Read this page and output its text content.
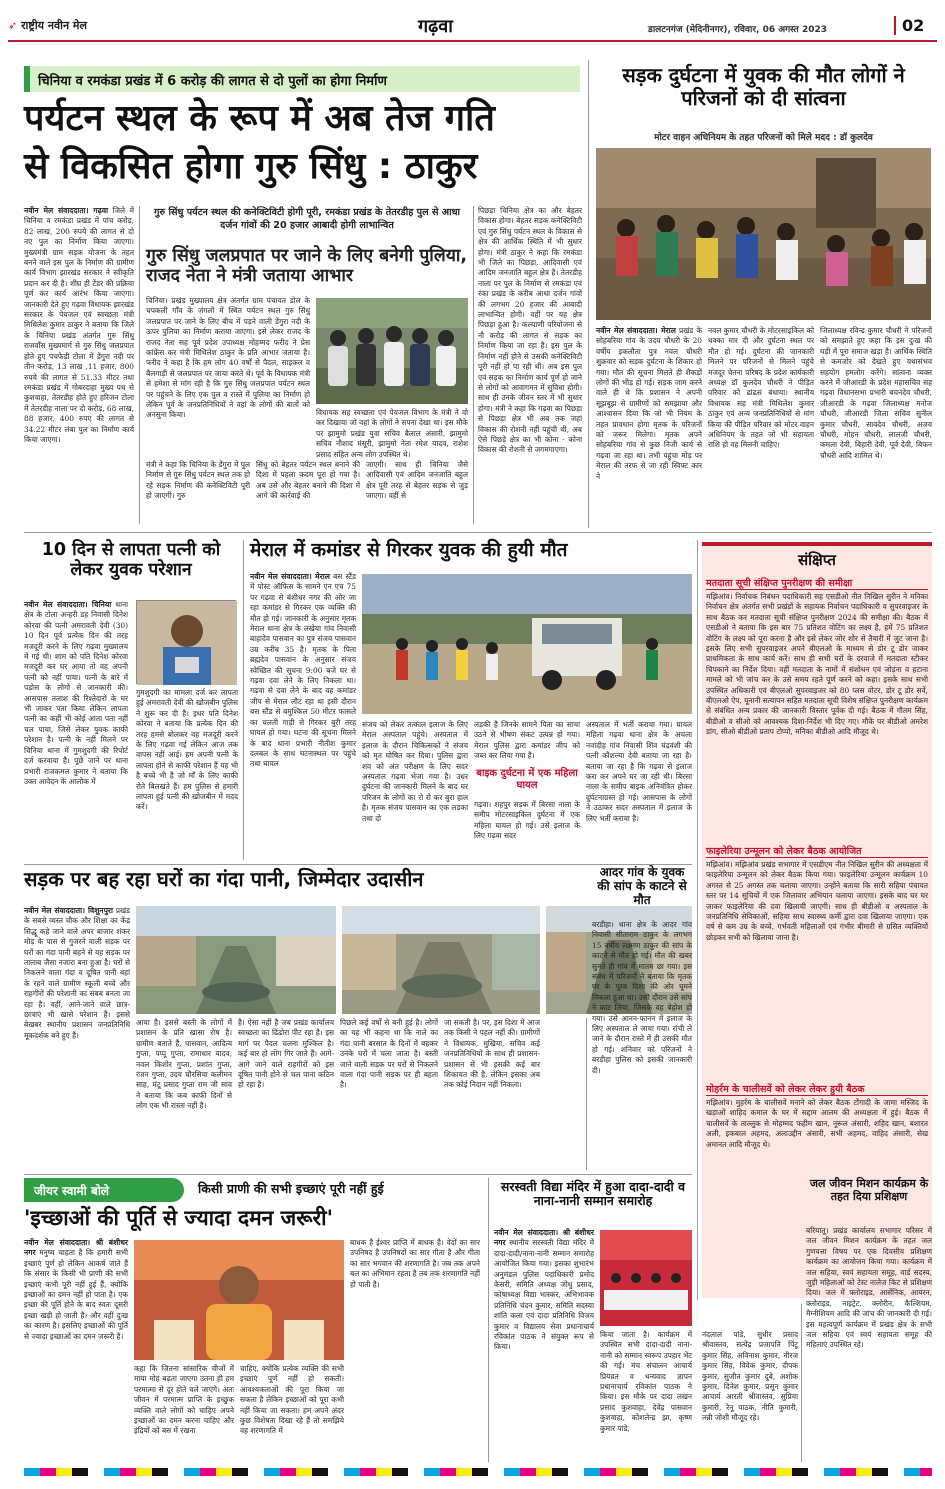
➶ राष्ट्रीय नवीन मेल	गढ़वा	डालटनगंज (मेदिनीनगर), रविवार, 06 अगस्त 2023	02
चिनिया व रमकंडा प्रखंड में 6 करोड़ की लागत से दो पुलों का होगा निर्माण
पर्यटन स्थल के रूप में अब तेज गति
से विकसित होगा गुरु सिंधु : ठाकुर
नवीन मेल संवाददाता। गढ़वा जिले में चिनिया व रमकंडा प्रखंड में पांच करोड़, 82 लाख, 200 रुपये की लागत से दो नए पुल का निर्माण किया जाएगा। मुख्यमंत्री ग्राम सड़क योजना के तहत बनने वाले इस पुल के निर्माण की ग्रामीण कार्य विभाग झारखंड सरकार ने स्वीकृति प्रदान कर दी है। शीघ्र ही टेंडर की प्रक्रिया पूर्ण कर कार्य आरंभ किया जाएगा। जानकारी देते हुए गढ़वा विधायक झारखंड सरकार के पेयजल एवं स्वच्छता मंत्री मिथिलेश कुमार ठाकुर ने बताया कि जिले के चिनिया प्रखंड अंतर्गत गुरु सिंधु राजवाँस मुख्यमार्ग से गुरु सिंधु जलप्रपात होते हुए पचफेड़ी टोला में डेंगुरा नदी पर तीन करोड़, 13 लाख ,11 हजार, 800 रुपये की लागत से 51.33 मीटर तथा रमकंडा प्रखंड में गोबरदाहा मुख्य पथ से कुशवाहा, तेतरडीह होते हुए हरिजन टोला में तेतरडीह नाला पर दो करोड़, 68 लाख, 88 हजार, 400 रुपए की लागत से 34.22 मीटर लंबा पुल का निर्माण कार्य किया जाएगा।
गुरु सिंधु पर्यटन स्थल की कनेक्टिविटी होगी पूरी, रमकंडा प्रखंड के तेतरडीह पुल से आधा दर्जन गांवों की 20 हजार आबादी होगी लाभान्वित
गुरु सिंधु जलप्रपात पर जाने के लिए बनेगी पुलिया, राजद नेता ने मंत्री जताया आभार
चिनिया। प्रखंड मुख्यालय क्षेत्र अंतर्गत ग्राम पंचायत डोल के चपकली गाँव के जंगलों में स्थित पर्यटन स्थल गुरु सिंधु जलप्रपात पर जाने के लिए बीच में पड़ने वाली डेंगुरा नदी के ऊपर पुलिया का निर्माण कराया जाएगा। इसे लेकर राजद के राजद नेता सह पूर्व प्रदेश उपाध्यक्ष मोहम्मद फरीद ने प्रेस कांफ्रेंस कर मंत्री मिथिलेश ठाकुर के प्रति आभार जताया है। फरीद ने कहा है कि हम लोग 40 वर्षों से पैदल, साइकल व बैलगाड़ी से जलप्रपात पर जाया करते थे। पूर्व के विधायक मंत्री से हमेशा से मांग रही है कि गुरु सिंधु जलप्रपात पर्यटन स्थल पर पहुंचने के लिए एक पुल व रास्ते में पुलिया का निर्माण हो लेकिन पूर्व के जनप्रतिनिधियों ने वहां के लोगों की बातों को अनसुना किया।	विधायक सह स्वच्छता एवं पेयजल विभाग के मंत्री ने वो कर दिखाया जो वहां के लोगों ने सपना देखा था। इस मौके पर झामुमो प्रखंड युवा सचिव बैलाल अंसारी, झामुमो सचिव नौशाद मंसूरी, झामुमो नेता रमेश यादव, राशेश प्रसाद सहित अन्य लोग उपस्थित थे।
मंत्री ने कहा कि चिनिया के डेंगुरा में पुल निर्माण से गुरु सिंधु पर्यटन स्थल तक हो रहे सड़क निर्माण की कनेक्टिविटी पूरी हो जाएगी। गुरु
सिंधु को बेहतर पर्यटन स्थल बनाने की दिशा में पहला कदम पूरा हो गया है। अब उसे और बेहतर बनाने की दिशा में आगे की कार्रवाई की
जाएगी। साथ ही चिनिया जैसे आदिवासी एवं आदिम जनजाति बहुल क्षेत्र पूरी तरह से बेहतर सड़क से जुड़ जाएगा। वहीं से
पिछड़ा चिनिया क्षेत्र का और बेहतर विकास होगा। बेहतर सड़क कनेक्टिविटी एवं गुरु सिंधु पर्यटन स्थल के विकास से क्षेत्र की आर्थिक स्थिति में भी सुधार होगा। मंत्री ठाकुर ने कहा कि रमकंडा भी जिले का पिछड़ा, आदिवासी एवं आदिम जनजाति बहुल क्षेत्र है। तेतरडीह नाला पर पुल के निर्माण से रमकंडा एवं रंका प्रखंड के करीब आधा दर्जन गांवों की लगभग 20 हजार की आबादी लाभान्वित होगी। वहीं पर यह क्षेत्र पिछड़ा हुआ है। कल्याणी परियोजना से नौ करोड़ की लागत से सड़क का निर्माण किया जा रहा है। इस पुल के निर्माण नहीं होने से उसकी कनेक्टिविटी पूरी नहीं हो पा रही थी। अब इस पुल एवं सड़क का निर्माण कार्य पूर्ण हो जाने से लोगों को आवागमन में सुविधा होगी। साथ ही उनके जीवन स्तर में भी सुधार होगा। मंत्री ने कहा कि गढ़वा का पिछड़ा से पिछड़ा क्षेत्र भी अब तक जहां विकास की रोशनी नहीं पहुंची थी, अब ऐसे पिछड़े क्षेत्र का भी कोना - कोना विकास की रोशनी से जगमगाएगा।
सड़क दुर्घटना में युवक की मौत लोगों ने परिजनों को दी सांत्वना
मोटर वाहन अधिनियम के तहत परिजनों को मिले मदद : डॉ कुलदेव
नवीन मेल संवाददाता। मेराल प्रखंड के सोहबरिया गांव के उदय चौधरी के 20 वर्षीय इकलौता पुत्र नवल चौधरी शुक्रवार को सड़क दुर्घटना के शिकार हो गया। मौत की सूचना मिलते ही शैकड़ों लोगों की भीड़ हो गई। सड़क जाम करने वाले ही थे कि प्रशासन ने अपनी सूझबूझ से ग्रामीणों को समझाया और आश्वासन दिया कि जो भी नियम के तहत प्रावधान होगा मृतक के परिजनों को जरूर मिलेगा। मृतक अपने सोहबरिया गांव से कुछ निजी कार्य से गढ़वा जा रहा था। तभी पहुंचा मोड़ पर मेराल की तरफ से जा रही स्विफ्ट कार ने
नवल कुमार चौधरी के मोटरसाइकिल को धक्का मार दी और दुर्घटना स्थल पर मौत हो गई। दुर्घटना की जानकारी मिलने पर परिजनों से मिलने पहुंचे मजदूर चेतना परिषद के प्रदेश कार्यकारी अध्यक्ष डॉ कुलदेव चौधरी ने पीड़ित परिवार को ढांढस बंधाया। स्थानीय विधायक सह मंत्री मिथिलेश कुमार ठाकुर एवं अन्य जनप्रतिनिधियों से मांग किया की पीड़ित परिवार को मोटर वाहन अधिनियम के तहत जो भी सहायता राशि हो वह मिलनी चाहिए।
जिलाध्यक्ष रविन्द्र कुमार चौधरी ने परिजनों को समझाते हुए कहा कि इस दुःख की घड़ी में पूरा समाज खड़ा है। आर्थिक स्थिति से कमजोर को देखते हुए यथासंभव सहयोग हमलोग करेंगे। सांत्वना व्यक्त करने में जीआरडी के प्रदेश महासचिव सह गढ़वा विधानसभा प्रभारी बचनदेव चौधरी, जीआरडी के गढ़वा जिलाध्यक्ष मनोज चौधरी, जीआरडी जिला सचिव सुनील कुमार चौधरी, सावदेव चौधरी, अजय चौधरी, मोहन चौधरी, लालजी चौधरी, कमला देवी, बिहारी देवी, पूर्व देवी, बिफन चौधरी आदि शामिल थे।
10 दिन से लापता पत्नी को लेकर युवक परेशान
नवीन मेल संवाददाता। चिनिया थाना क्षेत्र के टोला अन्हरी डह निवासी दिनेश कोरवा की पत्नी अमरावती देवी (30) 10 दिन पूर्व प्रत्येक दिन की तरह मजदूरी करने के लिए गढ़वा मुख्यालय में गई थी। शाम को पति दिनेश कोरवा मजदूरी कर घर आया तो वह अपनी पत्नी को नहीं पाया। पत्नी के बारे में पड़ोस के लोगों से जानकारी की। आसपास तलाश की रिश्तेदारों के घर भी जाकर पता किया लेकिन लापता पत्नी का कहीं भी कोई आता पता नहीं चल पाया, जिसे लेकर युवक काफी परेशान है। पत्नी के नहीं मिलने पर चिनिया थाना में गुमशुदगी की रिपोर्ट दर्ज करवाया है। पूछे जाने पर थाना प्रभारी राजकमल कुमार ने बताया कि उक्त आवेदन के आलोक में
गुमशुदगी का मामला दर्ज कर लापता हुई अमरावती देवी की खोजबीन पुलिस ने शुरू कर दी है। इधर पति दिनेश कोरवा ने बताया कि प्रत्येक दिन की तरह हमसे बोलकर वह मजदूरी करने के लिए गढ़वा गई लेकिन आज तक वापस नहीं आई। हम अपनी पत्नी के लापता होने से काफी परेशान हैं यह भी है बच्चे भी है जो माँ के लिए काफी रोते बिलखते हैं। हम पुलिस से हमारी लापता हुई पत्नी की खोजबीन में मदद करें।
मेराल में कमांडर से गिरकर युवक की हुयी मौत
नवीन मेल संवाददाता। मेराल बस स्टैंड में पोस्ट ऑफिस के सामने एन एच 75 पर गढ़वा से बंशीधर नगर की ओर जा रहा कमांडर से गिरकर एक व्यक्ति की मौत हो गई। जानकारी के अनुसार मृतक मेराल थाना क्षेत्र के लखेया गांव निवासी बाहादेव पासवान का पुत्र संजय पासवान उम्र करीब 35 है। मृतक के पिता ब्रह्मदेव पासवान के अनुसार संजय स्वेच्छित की सूचना 9:00 बजे घर से गढ़वा दवा लेने के लिए निकला था। गढ़वा से दवा लेने के बाद वह कमांडर जीप से मेराल लौट रहा था इसी दौरान बस स्टैंड से बमुश्किल 50 मीटर फासले का चलती गाड़ी से गिरकर बुरी तरह घायल हो गया। घटना की सूचना मिलने के बाद थाना प्रभारी नीतीश कुमार दलबल के साथ घटनास्थल पर पहुंचे तथा घायल
संजय को लेकर तत्काल इलाज के लिए मेराल अस्पताल पहुंचे। अस्पताल में इलाज के दौरान चिकित्सकों ने संजय को मृत घोषित कर दिया। पुलिस द्वारा शव को अंत परीक्षण के लिए सदर अस्पताल गढ़वा भेजा गया है। उधर दुर्घटना की जानकारी मिलने के बाद घर परिजन के लोगों का रो रो कर बुरा हाल है। मृतक संजय पासवान का एक लड़का तथा दो
लड़की है जिनके सामने पिता का साया उठने से भीषण संकट उत्पन्न हो गया। मेराल पुलिस द्वारा कमांडर जीप को जब्त कर लिया गया है।
बाइक दुर्घटना में एक महिला घायल
गढ़वा। शहपुर सड़क में बिरसा नाला के समीप मोटरसाइकिल दुर्घटना में एक महिला घायल हो गई। उसे इलाज के लिए गढ़वा सदर
अस्पताल में भर्ती कराया गया। घायल महिला गढ़वा थाना क्षेत्र के अचला नवादीह गांव निवासी शिव चंद्रवंशी की पत्नी कौशल्या देवी बताया जा रहा है। बताया जा रहा है कि गढ़वा से इलाज करा कर अपने घर जा रही थी। बिरसा नाला के समीप बाइक अनियंत्रित होकर दुर्घटनाग्रस्त हो गई। आसपास के लोगों ने उठाकर सदर अस्पताल में इलाज के लिए भर्ती कराया है।
संक्षिप्त
मतदाता सूची संक्षिप्त पुनरीक्षण की समीक्षा
मझिआंव। निर्वाचक निबंधन पदाधिकारी सह एसडीओ नीत निखिल सुरीन ने मनिका निर्वाचन क्षेत्र अंतर्गत सभी प्रखंडों के सहायक निर्वाचन पदाधिकारी व सुपरवाइजर के साथ बैठक कर मतदाता सूची संक्षिप्त पुनरीक्षण 2024 की समीक्षा की। बैठक में एसडीओ ने बताया कि इस बार 75 प्रतिशत वोटिंग का लक्ष्य है, हमें 75 प्रतिशत वोटिंग के लक्ष्य को पूरा करना है और इसे लेकर जोर शोर से तैयारी में जुट जाना है। इसके लिए सभी सुपरवाइजर अपने बीएलओ के माध्यम से डोर टू डोर जाकर प्राथमिकता के साथ कार्य करें। साथ ही सभी घरों के दरवाजे में मतदाता स्टीकर चिपकाने का निर्देश दिया। वहीं मतदाता के नामों में संशोधन एवं जोड़ना व हटाना मामले को भी जांच कर के उसे समय रहते पूर्ण करने को कहा। इसके साथ सभी उपस्थित अधिकारी एवं बीएलओ सुपरवाइजर को 80 प्लस वोटर, डोर टू डोर सर्वे, बीएलओ ऐप, यूनानी सत्यापन सहित मतदाता सूची विशेष संक्षिप्त पुनरीक्षण कार्यक्रम से संबंधित अन्य प्रकार की जानकारी विस्तार पूर्वक दी गई। बैठक में गौतम सिंह, बीडीओ व सीओ को आवश्यक दिशा-निर्देश भी दिए गए। मौके पर बीडीओ अमरेश डांग, सीओ बीडीओ प्रताप टोप्पो, मनिका बीडीओ आदि मौजूद थे।
फाइलेरिया उन्मूलन को लेकर बैठक आयोजित
मझिआंव। मझिआंव प्रखंड सभागार में एसडीएम नीत निखिल सुरीन की अध्यक्षता में फाइलेरिया उन्मूलन को लेकर बैठक किया गया। फाइलेरिया उन्मूलन कार्यक्रम 10 अगस्त से 25 अगस्त तक चलाया जाएगा। उन्होंने बताया कि सारी सहिया पंचायत स्तर पर 14 सूचियों में एक जिलावार अभियान चलाया जाएगा। इसके बाद घर घर जाकर फाइलेरिया की दवा खिलायी जाएगी। साथ ही बीडीओ व अस्पताल के जनप्रतिनिधि सेविकाओं, सहिया साथ स्वास्थ्य कर्मी द्वारा दवा खिलाया जाएगा। एक वर्ष से कम उम्र के बच्चे, गर्भवती महिलाओं एवं गंभीर बीमारी से ग्रसित व्यक्तियों छोड़कर सभी को खिलाया जाना है।
मोहर्रम के चालीसवें को लेकर लेकर हुयी बैठक
मझिआंव। मुहर्रम के चालीसवें मनाने को लेकर बैठक टोंगादी के जामा मस्जिद के खड़ाओं शाहिद कमाल के घर में सद्दाम आलम की अध्यक्षता में हुई। बैठक में चालीसवें के ताल्लुक से मोहम्मद फहीम खान, नूरूल अंसारी, शहिद खान, बशारत अली, इकबाल अहमद, अलाउद्दीन अंसारी, सभी अहमद, वाहिद अंसारी, सेख अमानत आदि मौजूद थे।
सड़क पर बह रहा घरों का गंदा पानी, जिम्मेदार उदासीन
नवीन मेल संवाददाता। विशुनपुरा प्रखंड के सबसे व्यस्त चौक और शिक्षा का केंद्र सिद्धू कहे जाने वाले अपर बाजार शंकर मोड़ के पास से गुजरने वाली सड़क पर घरों का गंदा पानी बहने से यह सड़क पर तालाब जैसा नजारा बना हुआ है। घरों से निकलने वाला गंदा व दूषित पानी बहां के रहने वाले ग्रामीण स्कूली बच्चे और राहगीरों की परेशानी का सबब बनता जा रहा है। वहीं, आने-जाने वाले छात्र-छात्राएं भी खासे परेशान हैं। इससे बेखबर स्थानीय प्रशासन जनप्रतिनिधि मूकदर्शक बने हुए हैं।
आया है। इससे बस्ती के लोगों में प्रशासन के प्रति खासा रोष है। ग्रामीण बताते हैं, पासवान, आदित्य गुप्ता, पप्पू गुप्ता, रामाधार यादव, नवल किशोर गुप्ता, प्रशांत गुप्ता, रंजन गुप्ता, उदय चौरसिया कलीमन साह, मंटू प्रसाद गुप्ता राम जी साव ने बताया कि कब काफी दिनों से लोग एक भी रास्ता नहीं है।
है। ऐसा नहीं है जब प्रखंड कार्यालय स्वच्छता का ढिंढोरा पीट रहा है। इस मार्ग पर पैदल चलना मुश्किल है। कई बार हो लोग गिर जाते हैं। आगे-आगे जाने वाले राहगीरों को इस दूषित पानी होने से चल पाना कठिन हो रहा है।
पिछले कई वर्षों से बनी हुई है। लोगों का यह भी कहना था कि नाले का गंदा पानी बरसात के दिनों में बहकर उनके घरों में चला जाता है। बस्ती जाने वाली सड़क पर घरों से निकलने वाला गंदा पानी सड़क पर ही बहता है।
जा सकती है। पर, इस दिशा में आज तक किसी ने पहल नहीं की। ग्रामीणों ने विधायक, मुखिया, सचिव कई जनप्रतिनिधियों के साथ ही प्रशासन-प्रशासन से भी इसकी कई बार शिकायत की है, लेकिन इसका अब तक कोई निदान नहीं निकला।
आदर गांव के युवक की सांप के काटने से मौत
बरडीहा। थाना क्षेत्र के आदर गांव निवासी सीताराम ठाकुर के लगभग 15 वर्षीय लक्ष्मण ठाकुर की सांप के काटने से मौत हो गई। मौत की खबर सुनते ही गांव में मातम छा गया। इस संबंध में परिजनों ने बताया कि मृतक घर के पूरब दिशा की ओर घूमने निकला हुआ था। उसी दौरान उसे सांप ने काट लिया, जिसके वह बेहोश हो गया। उसे आनन-फानन में इलाज के लिए अस्पताल ले जाया गया। रांची ले जाने के दौरान रास्ते में ही उसकी मौत हो गई। शनिवार को परिजनों ने बरडीहा पुलिस को इसकी जानकारी दी।
जीयर स्वामी बोले	किसी प्राणी की सभी इच्छाएं पूरी नहीं हुई
'इच्छाओं की पूर्ति से ज्यादा दमन जरूरी'
नवीन मेल संवाददाता। श्री बंशीधर नगर मनुष्य चाहता है कि हमारी सभी इच्छाएं पूर्ण हो लेकिन आकर्ष जाते हैं कि संसार के किसी भी प्राणी की सभी इच्छाएं कभी पूरी नहीं हुई हैं, क्योंकि इच्छाओं का दमन नहीं हो पाता है। एक इच्छा की पूर्ति होने के बाद स्वतः दूसरी इच्छा खड़ी हो जाती है। और वहीं दुःख का कारण है। इसलिए इच्छाओं की पूर्ति से ज्यादा इच्छाओं का दमन जरूरी है।
कहा कि जितना सांसारिक चीजों में माया मोह बढ़ता जाएगा उतना ही हम परमात्मा से दूर होते चले जाएंगे। अतः जीवन में परमात्म प्राप्ति के इच्छुक व्यक्ति वाले लोगों को चाहिए अपने इच्छाओं का दमन करना चाहिए और इंद्रियों को बस में रखना
चाहिए, क्योंकि प्रत्येक व्यक्ति की सभी इच्छाएं पूर्ण नहीं हो सकती। आवश्यकताओं की पूरा किया जा सकता है लेकिन इच्छाओं को पूरा कभी नहीं किया जा सकता। हम अपने अंदर कुछ विशेषता दिखा रहे हैं तो समझिये वह शरणागति में
बाधक है ईश्वर प्राप्ति में बाधक है। वेदों का सार उपनिषद है उपनिषदों का सार गीता है और गीता का सार भगवान की शरणागति है। जब तक अपने बल का अभिमान रहता है तब तक शरणागति नहीं हो पाती है।
सरस्वती विद्या मंदिर में हुआ दादा-दादी व नाना-नानी सम्मान समारोह
नवीन मेल संवाददाता। श्री बंशीधर नगर स्थानीय सरस्वती विद्या मंदिर में दादा-दादी/नाना-नानी सम्मान समारोह आयोजित किया गया। इसका शुभारंभ अनुमंडल पुलिस पदाधिकारी प्रमोद केसरी, समिति अध्यक्ष जोधु प्रसाद, कोषाध्यक्ष विद्या भास्कर, अभिभावक प्रतिनिधि चंदन कुमार, समिति सदस्या शांति कला एवं दादा प्रतिनिधि विजय कुमार व विद्यालय सेवा प्रधानाचार्य रविकांत पाठक ने संयुक्त रूप से किया।
किया जाता है। कार्यक्रम में उपस्थित सभी दादा-दादी नाना-नानी को सम्मान स्वरूप उपहार भेंट की गई। मंच संचालन आचार्य प्रियव्रत व धन्यवाद ज्ञापन प्रधानाचार्य रविकांत पाठक ने किया। इस मौके पर दादा लखन प्रसाद कुशवाहा, देवेंद्र पासवान कुशवाहा, कोशलेन्द्र झा, कृष्ण कुमार पांडे,
नंदलाल पांडे, सुधीर प्रसाद श्रीवास्तव, सत्येंद्र प्रजापति पिंटू कुमार सिंह, अविनाश कुमार, नीरज कुमार सिंह, विवेक कुमार, दीपक कुमार, सुजीत कुमार दुबे, अशोक कुमार, दिनेश कुमार, प्रसून कुमार आचार्य आरती श्रीवास्तव, सुप्रिया कुमारी, रेनू पाठक, नीति कुमारी, तन्नी जोशी मौजूद रहे।
जल जीवन मिशन कार्यक्रम के तहत दिया प्रशिक्षण
बरियातू। प्रखंड कार्यालय सभागार परिसर में जल जीवन मिशन कार्यक्रम के तहत जल गुणवत्ता विषय पर एक दिवसीय प्रशिक्षण कार्यक्रम का आयोजन किया गया। कार्यक्रम में जल सहिया, स्वयं सहायता समूह, वार्ड सदस्य, जुड़ी महिलाओं को टेस्ट नालेज किट से प्रशिक्षण दिया। जल में फ्लोराइड, आर्सेनिक, आयरन, क्लोराइड, नाइट्रेट, क्लोरीन, कैल्शियम, मैग्नीशियम आदि की जांच की जानकारी दी गई। इस महत्वपूर्ण कार्यक्रम में प्रखंड क्षेत्र के सभी जल सहिया एवं स्वयं सहायता समूह की महिलाएं उपस्थित रहे।
